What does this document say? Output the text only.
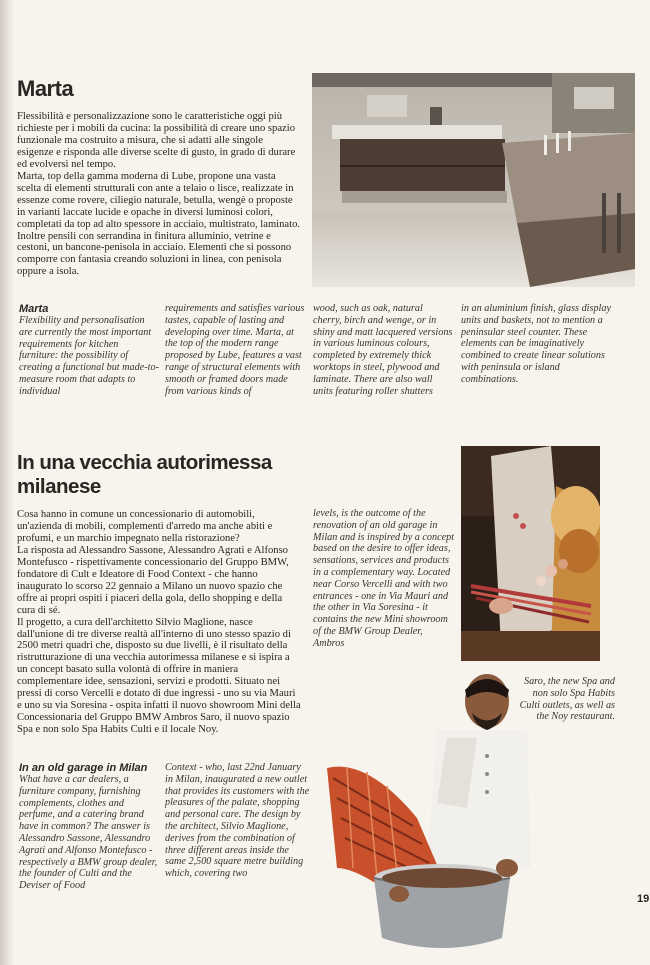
Marta

Flessibilità e personalizzazione sono le caratteristiche oggi più richieste per i mobili da cucina: la possibilità di creare uno spazio funzionale ma costruito a misura, che si adatti alle singole esigenze e risponda alle diverse scelte di gusto, in grado di durare ed evolversi nel tempo.

Marta, top della gamma moderna di Lube, propone una vasta scelta di elementi strutturali con ante a telaio o lisce, realizzate in essenze come rovere, ciliegio naturale, betulla, wengè o proposte in varianti laccate lucide e opache in diversi luminosi colori, completati da top ad alto spessore in acciaio, multistrato, laminato.

Inoltre pensili con serrandina in finitura alluminio, vetrine e cestoni, un bancone-penisola in acciaio. Elementi che si possono comporre con fantasia creando soluzioni in linea, con penisola oppure a isola.

Marta
Flexibility and personalisation are currently the most important requirements for kitchen furniture: the possibility of creating a functional but made-to-measure room that adapts to individual
requirements and satisfies various tastes, capable of lasting and developing over time. Marta, at the top of the modern range proposed by Lube, features a vast range of structural elements with smooth or framed doors made from various kinds of
wood, such as oak, natural cherry, birch and wenge, or in shiny and matt lacquered versions in various luminous colours, completed by extremely thick worktops in steel, plywood and laminate. There are also wall units featuring roller shutters
in an aluminium finish, glass display units and baskets, not to mention a peninsular steel counter. These elements can be imaginatively combined to create linear solutions with peninsula or island combinations.
In una vecchia autorimessa
milanese

Cosa hanno in comune un concessionario di automobili, un'azienda di mobili, complementi d'arredo ma anche abiti e profumi, e un marchio impegnato nella ristorazione?

La risposta ad Alessandro Sassone, Alessandro Agrati e Alfonso Montefusco - rispettivamente concessionario del Gruppo BMW, fondatore di Cult e Ideatore di Food Context - che hanno inaugurato lo scorso 22 gennaio a Milano un nuovo spazio che offre ai propri ospiti i piaceri della gola, dello shopping e della cura di sé.

Il progetto, a cura dell'architetto Silvio Maglione, nasce dall'unione di tre diverse realtà all'interno di uno stesso spazio di 2500 metri quadri che, disposto su due livelli, è il risultato della ristrutturazione di una vecchia autorimessa milanese e si ispira a un concept basato sulla volontà di offrire in maniera complementare idee, sensazioni, servizi e prodotti. Situato nei pressi di corso Vercelli e dotato di due ingressi - uno su via Mauri e uno su via Soresina - ospita infatti il nuovo showroom Mini della Concessionaria del Gruppo BMW Ambros Saro, il nuovo spazio Spa e non solo Spa Habits Culti e il locale Noy.

levels, is the outcome of the renovation of an old garage in Milan and is inspired by a concept based on the desire to offer ideas, sensations, services and products in a complementary way. Located near Corso Vercelli and with two entrances - one in Via Mauri and the other in Via Soresina - it contains the new Mini showroom of the BMW Group Dealer, Ambros
Saro, the new Spa and non solo Spa Habits Culti outlets, as well as the Noy restaurant.
In an old garage in Milan
What have a car dealers, a furniture company, furnishing complements, clothes and perfume, and a catering brand have in common? The answer is Alessandro Sassone, Alessandro Agrati and Alfonso Montefusco - respectively a BMW group dealer, the founder of Culti and the Deviser of Food
Context - who, last 22nd January in Milan, inaugurated a new outlet that provides its customers with the pleasures of the palate, shopping and personal care. The design by the architect, Silvio Maglione, derives from the combination of three different areas inside the same 2,500 square metre building which, covering two
19
